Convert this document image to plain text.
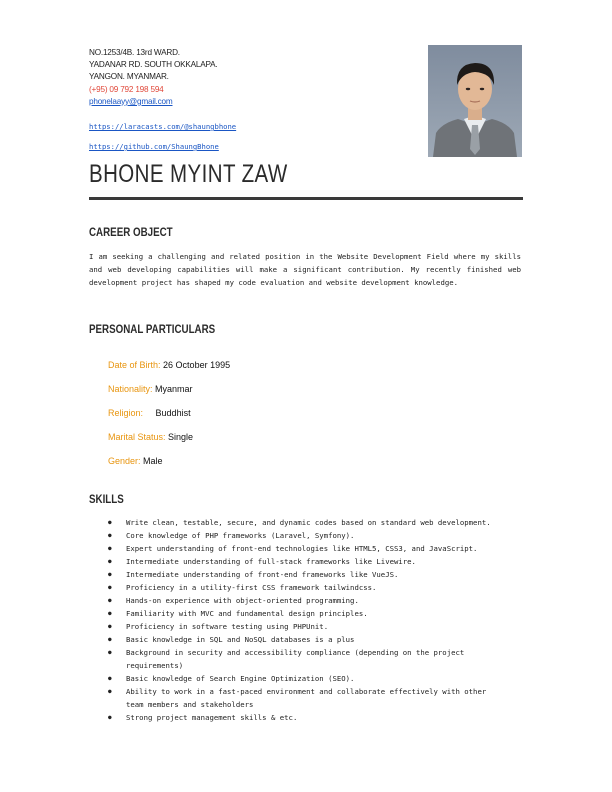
NO.1253/4B. 13rd WARD.
YADANAR RD. SOUTH OKKALAPA.
YANGON. MYANMAR.
(+95) 09 792 198 594
phonelaayy@gmail.com
https://laracasts.com/@shaungbhone
https://github.com/ShaungBhone
BHONE MYINT ZAW
CAREER OBJECT
I am seeking a challenging and related position in the Website Development Field where my skills and web developing capabilities will make a significant contribution. My recently finished web development project has shaped my code evaluation and website development knowledge.
PERSONAL PARTICULARS
Date of Birth: 26 October 1995
Nationality: Myanmar
Religion: Buddhist
Marital Status: Single
Gender: Male
SKILLS
● Write clean, testable, secure, and dynamic codes based on standard web development.
● Core knowledge of PHP frameworks (Laravel, Symfony).
● Expert understanding of front-end technologies like HTML5, CSS3, and JavaScript.
● Intermediate understanding of full-stack frameworks like Livewire.
● Intermediate understanding of front-end frameworks like VueJS.
● Proficiency in a utility-first CSS framework tailwindcss.
● Hands-on experience with object-oriented programming.
● Familiarity with MVC and fundamental design principles.
● Proficiency in software testing using PHPUnit.
● Basic knowledge in SQL and NoSQL databases is a plus
● Background in security and accessibility compliance (depending on the project requirements)
● Basic knowledge of Search Engine Optimization (SEO).
● Ability to work in a fast-paced environment and collaborate effectively with other team members and stakeholders
● Strong project management skills & etc.
